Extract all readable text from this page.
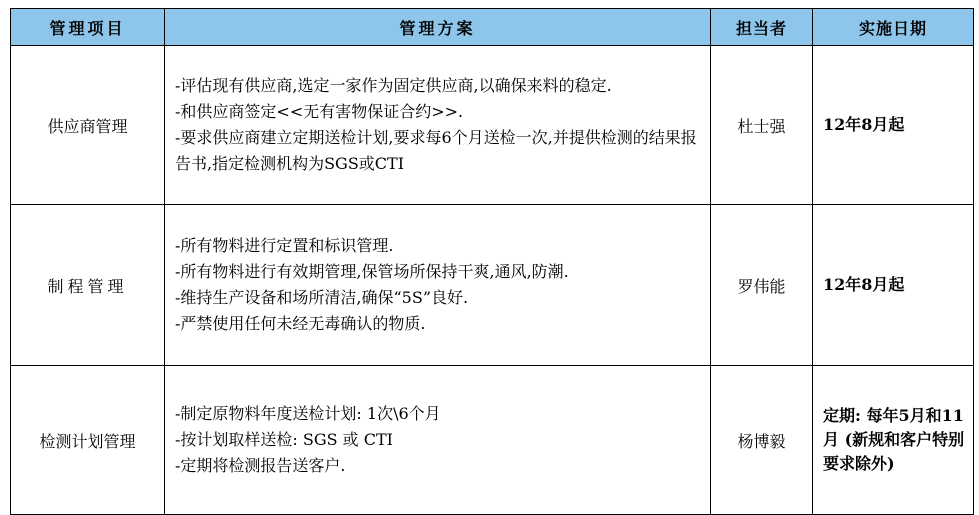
管理项目	管理方案	担当者	实施日期
供应商管理	-评估现有供应商,选定一家作为固定供应商,以确保来料的稳定.
-和供应商签定<<无有害物保证合约>>.
-要求供应商建立定期送检计划,要求每6个月送检一次,并提供检测的结果报告书,指定检测机构为SGS或CTI	杜士强	12年8月起
制程管理	-所有物料进行定置和标识管理.
-所有物料进行有效期管理,保管场所保持干爽,通风,防潮.
-维持生产设备和场所清洁,确保“5S”良好.
-严禁使用任何未经无毒确认的物质.	罗伟能	12年8月起
检测计划管理	-制定原物料年度送检计划: 1次\6个月
-按计划取样送检: SGS 或 CTI
-定期将检测报告送客户.	杨博毅	定期: 每年5月和11月 (新规和客户特别要求除外)
